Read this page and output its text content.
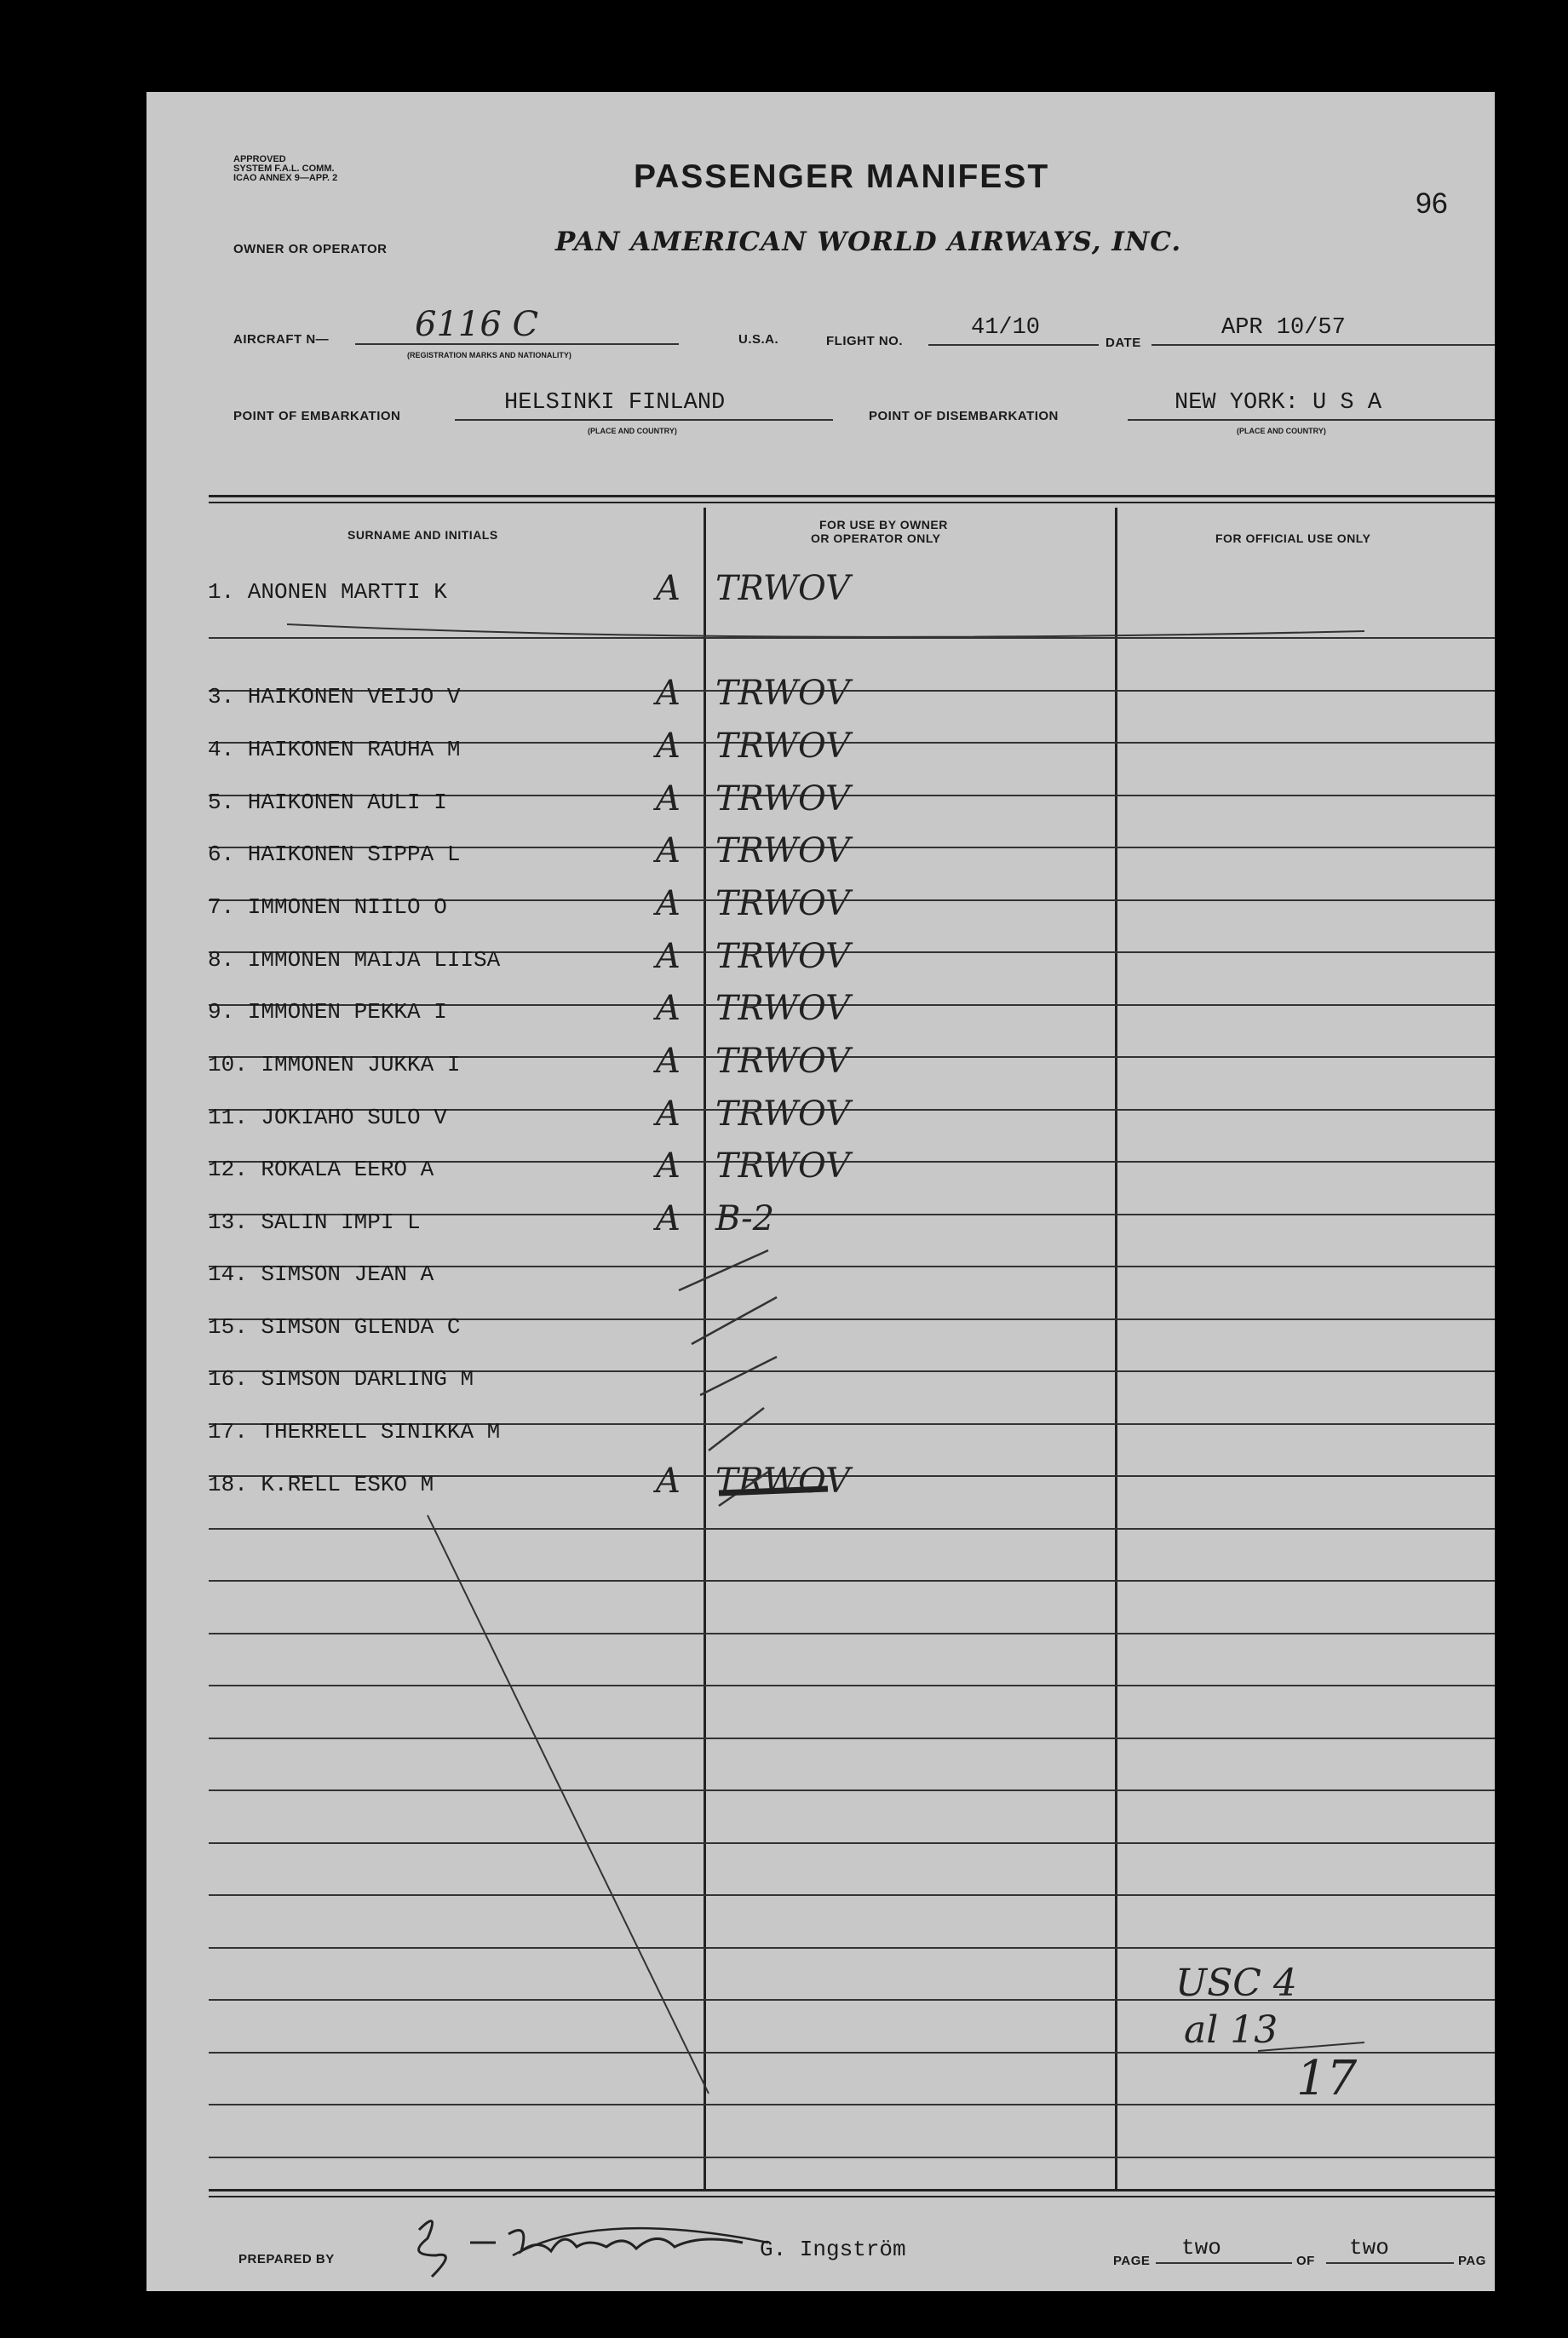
APPROVED
SYSTEM F.A.L. COMM.
ICAO ANNEX 9—APP. 2	PASSENGER MANIFEST
96
OWNER OR OPERATOR	PAN AMERICAN WORLD AIRWAYS, INC.
AIRCRAFT N—	6116 C
(REGISTRATION MARKS AND NATIONALITY)
U.S.A.	FLIGHT NO.
41/10
DATE
APR 10/57
POINT OF EMBARKATION
HELSINKI FINLAND
(PLACE AND COUNTRY)
POINT OF DISEMBARKATION
NEW YORK: U S A
(PLACE AND COUNTRY)
SURNAME AND INITIALS
FOR USE BY OWNER
OR OPERATOR ONLY	FOR OFFICIAL USE ONLY
1. ANONEN MARTTI K	A TRWOV
3. HAIKONEN VEIJO V	A TRWOV
4. HAIKONEN RAUHA M	A TRWOV
5. HAIKONEN AULI I	A TRWOV
6. HAIKONEN SIPPA L	A TRWOV
7. IMMONEN NIILO O	A TRWOV
8. IMMONEN MAIJA LIISA	A TRWOV
9. IMMONEN PEKKA I	A TRWOV
10. IMMONEN JUKKA I	A TRWOV
11. JOKIAHO SULO V	A TRWOV
12. ROKALA EERO A	A TRWOV
13. SALIN IMPI L	A B-2
14. SIMSON JEAN A
15. SIMSON GLENDA C
16. SIMSON DARLING M
17. THERRELL SINIKKA M
18. K.RELL ESKO M	A TRWOV
USC 4
al 13
17
PREPARED BY	G. Ingström	PAGE
two
OF
two
PAG
